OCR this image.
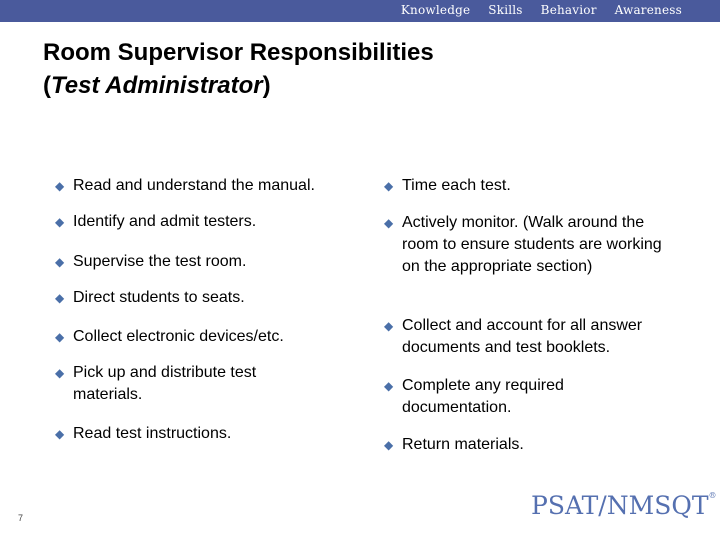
Knowledge Skills Behavior Awareness
Room Supervisor Responsibilities
(Test Administrator)
◆ Read and understand the manual.
◆ Identify and admit testers.
◆ Supervise the test room.
◆ Direct students to seats.
◆ Collect electronic devices/etc.
◆ Pick up and distribute test materials.
◆ Read test instructions.
◆ Time each test.
◆ Actively monitor. (Walk around the room to ensure students are working on the appropriate section)
◆ Collect and account for all answer documents and test booklets.
◆ Complete any required documentation.
◆ Return materials.
7	PSAT/NMSQT®
